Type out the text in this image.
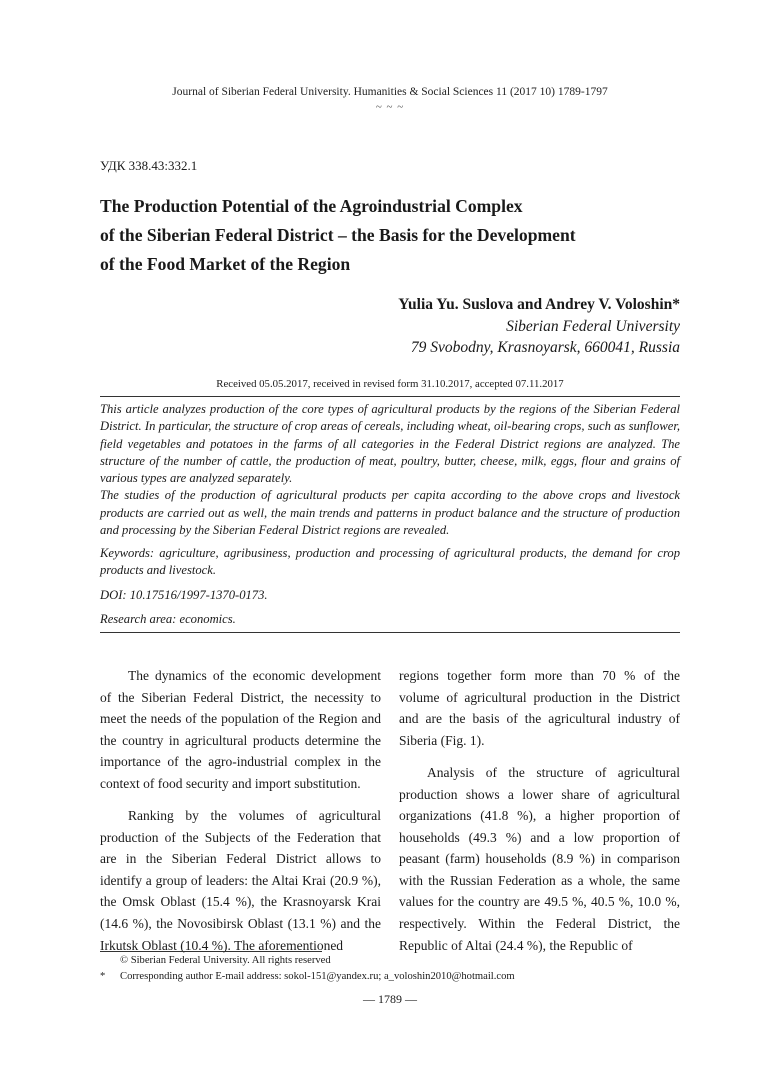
Journal of Siberian Federal University. Humanities & Social Sciences 11 (2017 10) 1789-1797
~ ~ ~
УДК 338.43:332.1
The Production Potential of the Agroindustrial Complex
of the Siberian Federal District – the Basis for the Development
of the Food Market of the Region
Yulia Yu. Suslova and Andrey V. Voloshin*
Siberian Federal University
79 Svobodny, Krasnoyarsk, 660041, Russia
Received 05.05.2017, received in revised form 31.10.2017, accepted 07.11.2017

This article analyzes production of the core types of agricultural products by the regions of the Siberian Federal District. In particular, the structure of crop areas of cereals, including wheat, oil-bearing crops, such as sunflower, field vegetables and potatoes in the farms of all categories in the Federal District regions are analyzed. The structure of the number of cattle, the production of meat, poultry, butter, cheese, milk, eggs, flour and grains of various types are analyzed separately.

The studies of the production of agricultural products per capita according to the above crops and livestock products are carried out as well, the main trends and patterns in product balance and the structure of production and processing by the Siberian Federal District regions are revealed.

Keywords: agriculture, agribusiness, production and processing of agricultural products, the demand for crop products and livestock.

DOI: 10.17516/1997-1370-0173.
Research area: economics.

The dynamics of the economic development of the Siberian Federal District, the necessity to meet the needs of the population of the Region and the country in agricultural products determine the importance of the agro-industrial complex in the context of food security and import substitution.

Ranking by the volumes of agricultural production of the Subjects of the Federation that are in the Siberian Federal District allows to identify a group of leaders: the Altai Krai (20.9 %), the Omsk Oblast (15.4 %), the Krasnoyarsk Krai (14.6 %), the Novosibirsk Oblast (13.1 %) and the Irkutsk Oblast (10.4 %). The aforementioned

regions together form more than 70 % of the volume of agricultural production in the District and are the basis of the agricultural industry of Siberia (Fig. 1).

Analysis of the structure of agricultural production shows a lower share of agricultural organizations (41.8 %), a higher proportion of households (49.3 %) and a low proportion of peasant (farm) households (8.9 %) in comparison with the Russian Federation as a whole, the same values for the country are 49.5 %, 40.5 %, 10.0 %, respectively. Within the Federal District, the Republic of Altai (24.4 %), the Republic of

© Siberian Federal University. All rights reserved
* Corresponding author E-mail address: sokol-151@yandex.ru; a_voloshin2010@hotmail.com
— 1789 —
